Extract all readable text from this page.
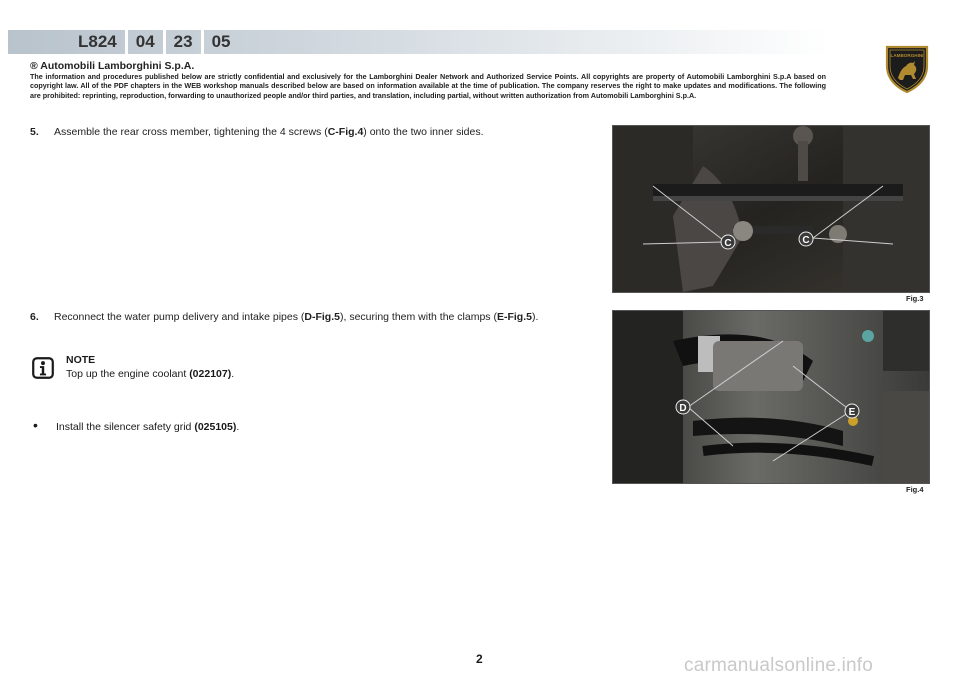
L824	04	23	05
LAMBORGHINI
® Automobili Lamborghini S.p.A.
The information and procedures published below are strictly confidential and exclusively for the Lamborghini Dealer Network and Authorized Service Points. All copyrights are property of Automobili Lamborghini S.p.A based on copyright law. All of the PDF chapters in the WEB workshop manuals described below are based on information available at the time of publication. The company reserves the right to make updates and modifications. The following are prohibited: reprinting, reproduction, forwarding to unauthorized people and/or third parties, and translation, including partial, without written authorization from Automobili Lamborghini S.p.A.
5. Assemble the rear cross member, tightening the 4 screws (C-Fig.4) onto the two inner sides.
6. Reconnect the water pump delivery and intake pipes (D-Fig.5), securing them with the clamps (E-Fig.5).
NOTE
Top up the engine coolant (022107).
• Install the silencer safety grid (025105).
C	C
Fig.3
D	E
Fig.4
2	carmanualsonline.info
